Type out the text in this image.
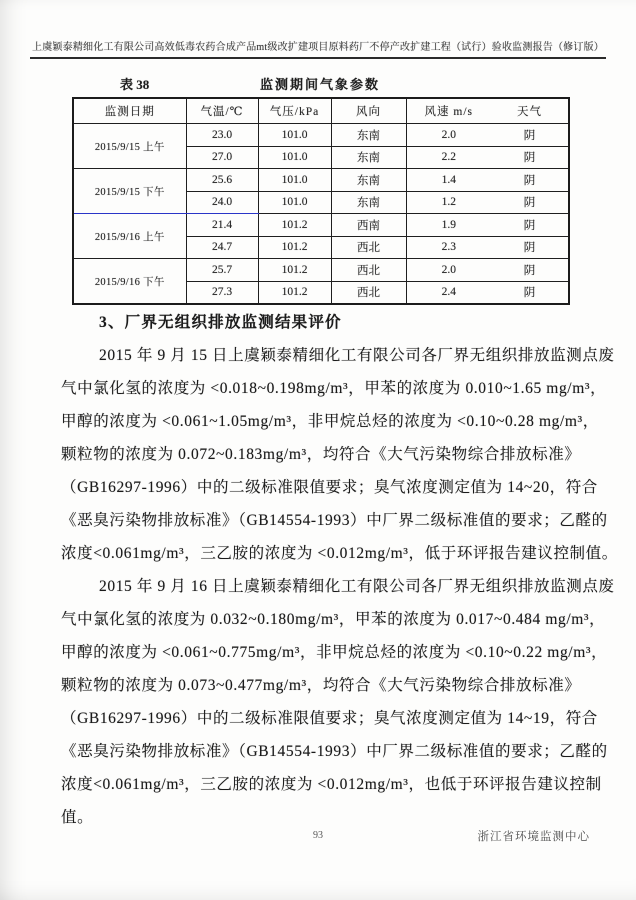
上虞颖泰精细化工有限公司高效低毒农药合成产品mt级改扩建项目原料药厂不停产改扩建工程（试行）验收监测报告（修订版）
表 38	监测期间气象参数
监测日期	气温/℃	气压/kPa	风向	风速 m/s	天气
2015/9/15 上午	23.0	101.0	东南	2.0	阴
	27.0	101.0	东南	2.2	阴
2015/9/15 下午	25.6	101.0	东南	1.4	阴
	24.0	101.0	东南	1.2	阴
2015/9/16 上午	21.4	101.2	西南	1.9	阴
	24.7	101.2	西北	2.3	阴
2015/9/16 下午	25.7	101.2	西北	2.0	阴
	27.3	101.2	西北	2.4	阴
3、厂界无组织排放监测结果评价
2015 年 9 月 15 日上虞颖泰精细化工有限公司各厂界无组织排放监测点废
气中氯化氢的浓度为 <0.018~0.198mg/m³，甲苯的浓度为 0.010~1.65 mg/m³，
甲醇的浓度为 <0.061~1.05mg/m³，非甲烷总烃的浓度为 <0.10~0.28 mg/m³，
颗粒物的浓度为 0.072~0.183mg/m³，均符合《大气污染物综合排放标准》
（GB16297-1996）中的二级标准限值要求；臭气浓度测定值为 14~20，符合
《恶臭污染物排放标准》（GB14554-1993）中厂界二级标准值的要求；乙醛的
浓度<0.061mg/m³，三乙胺的浓度为 <0.012mg/m³，低于环评报告建议控制值。
2015 年 9 月 16 日上虞颖泰精细化工有限公司各厂界无组织排放监测点废
气中氯化氢的浓度为 0.032~0.180mg/m³，甲苯的浓度为 0.017~0.484 mg/m³，
甲醇的浓度为 <0.061~0.775mg/m³，非甲烷总烃的浓度为 <0.10~0.22 mg/m³，
颗粒物的浓度为 0.073~0.477mg/m³，均符合《大气污染物综合排放标准》
（GB16297-1996）中的二级标准限值要求；臭气浓度测定值为 14~19，符合
《恶臭污染物排放标准》（GB14554-1993）中厂界二级标准值的要求；乙醛的
浓度<0.061mg/m³，三乙胺的浓度为 <0.012mg/m³，也低于环评报告建议控制
值。
93	浙江省环境监测中心
